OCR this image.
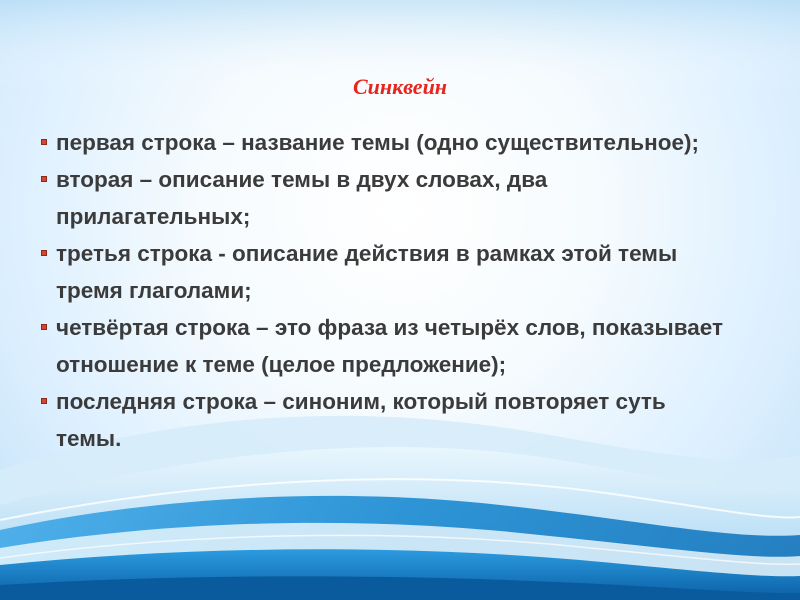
Синквейн
первая строка – название темы (одно существительное);
вторая – описание темы в двух словах, два прилагательных;
третья строка - описание действия в рамках этой темы тремя глаголами;
четвёртая строка – это фраза из четырёх слов, показывает отношение к теме (целое предложение);
последняя строка – синоним, который повторяет суть темы.
